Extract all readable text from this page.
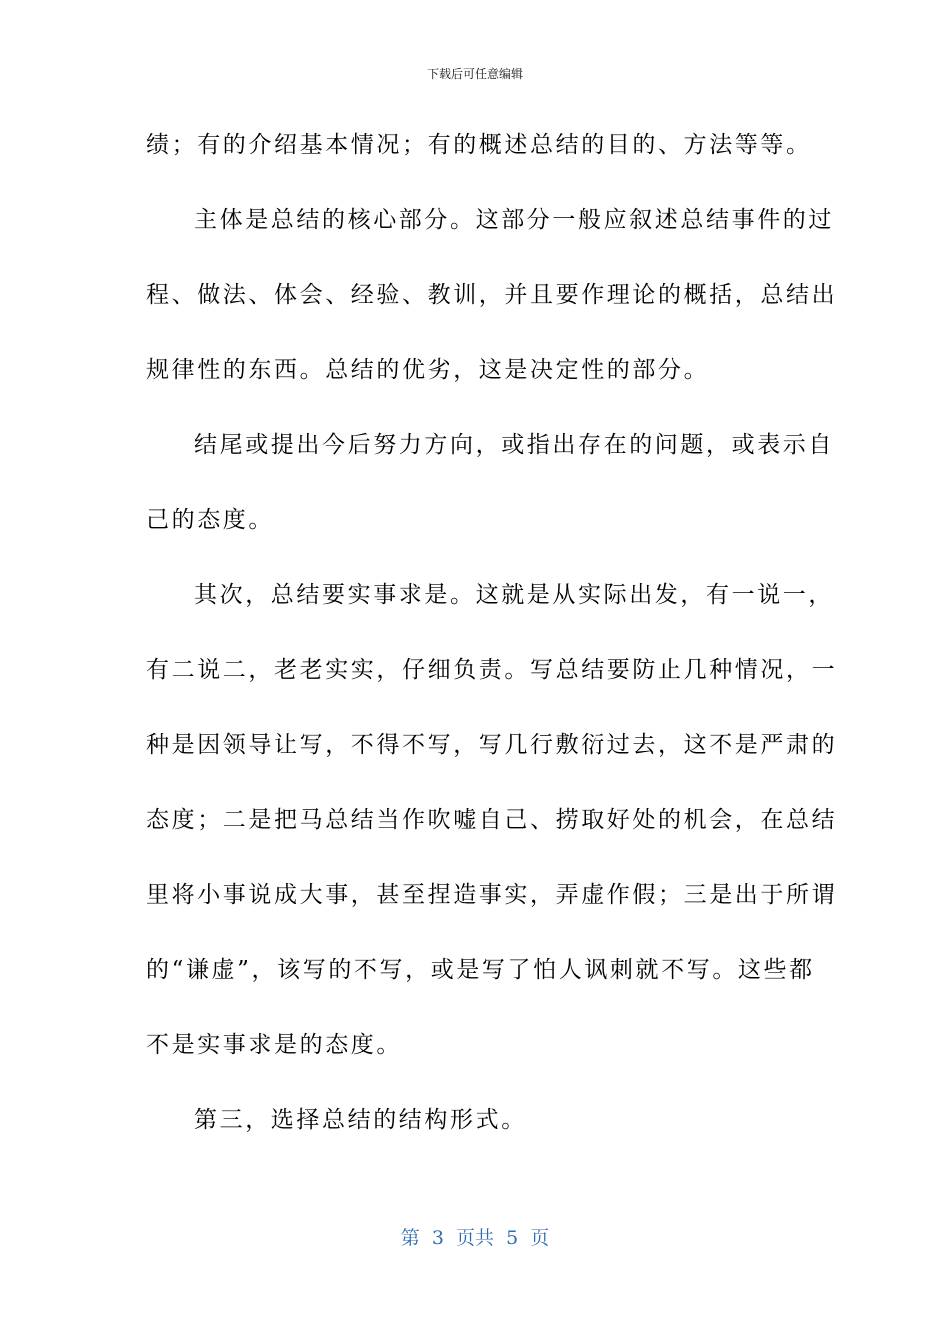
下载后可任意编辑
绩；有的介绍基本情况；有的概述总结的目的、方法等等。
主体是总结的核心部分。这部分一般应叙述总结事件的过
程、做法、体会、经验、教训，并且要作理论的概括，总结出
规律性的东西。总结的优劣，这是决定性的部分。
结尾或提出今后努力方向，或指出存在的问题，或表示自
己的态度。
其次，总结要实事求是。这就是从实际出发，有一说一，
有二说二，老老实实，仔细负责。写总结要防止几种情况，一
种是因领导让写，不得不写，写几行敷衍过去，这不是严肃的
态度；二是把马总结当作吹嘘自己、捞取好处的机会，在总结
里将小事说成大事，甚至捏造事实，弄虚作假；三是出于所谓
的“谦虚”，该写的不写，或是写了怕人讽刺就不写。这些都
不是实事求是的态度。
第三，选择总结的结构形式。
第  3  页共  5  页
